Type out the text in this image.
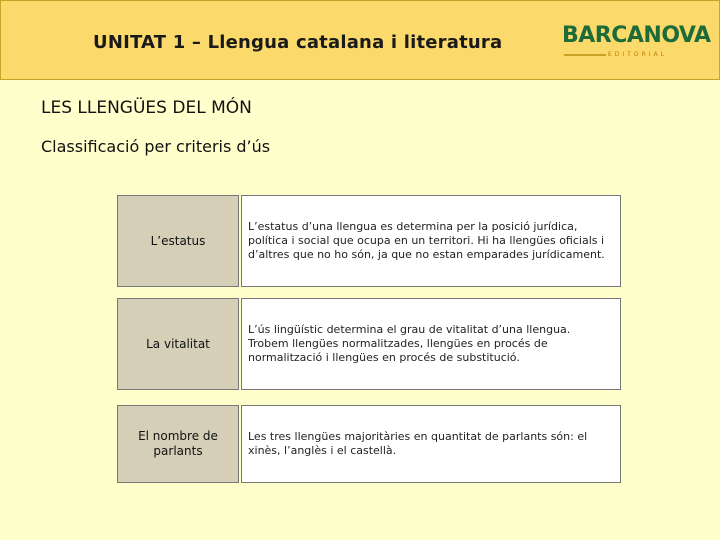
UNITAT 1 – Llengua catalana i literatura	BARCANOVA
EDITORIAL
LES LLENGÜES DEL MÓN
Classificació per criteris d’ús
L’estatus
L’estatus d’una llengua es determina per la posició jurídica, política i social que ocupa en un territori. Hi ha llengües oficials i d’altres que no ho són, ja que no estan emparades jurídicament.
La vitalitat
L’ús lingüístic determina el grau de vitalitat d’una llengua. Trobem llengües normalitzades, llengües en procés de normalització i llengües en procés de substitució.
El nombre de parlants
Les tres llengües majoritàries en quantitat de parlants són: el xinès, l’anglès i el castellà.
